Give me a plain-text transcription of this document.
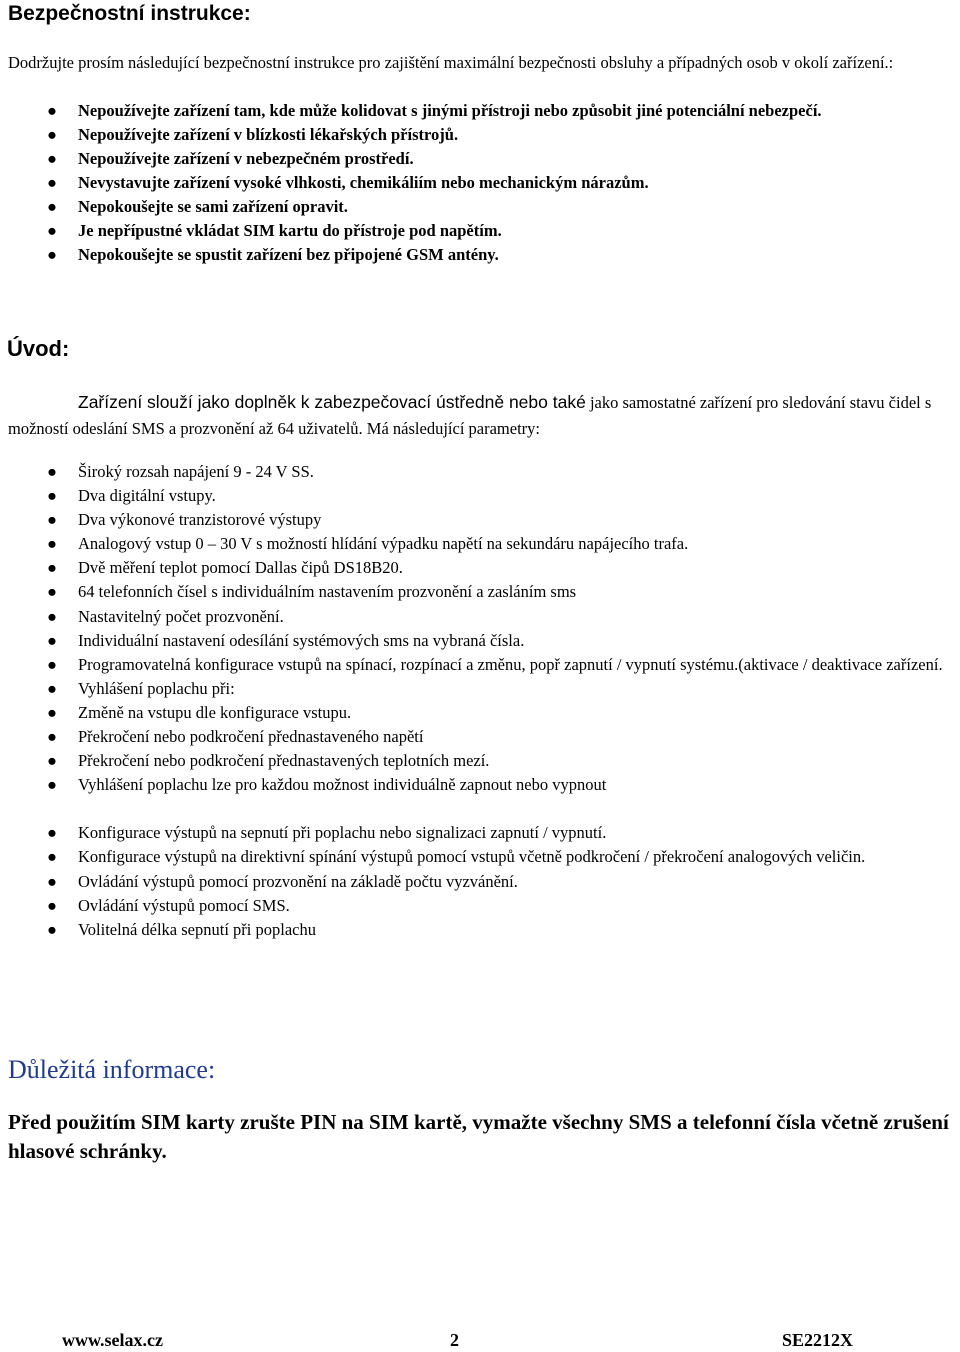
Bezpečnostní instrukce:

Dodržujte prosím následující bezpečnostní instrukce pro zajištění maximální bezpečnosti obsluhy a případných osob v okolí zařízení.:

●	Nepoužívejte zařízení tam, kde může kolidovat s jinými přístroji nebo způsobit jiné potenciální nebezpečí.
●	Nepoužívejte zařízení v blízkosti lékařských přístrojů.
●	Nepoužívejte zařízení v nebezpečném prostředí.
●	Nevystavujte zařízení vysoké vlhkosti, chemikáliím nebo mechanickým nárazům.
●	Nepokoušejte se sami zařízení opravit.
●	Je nepřípustné vkládat SIM kartu do přístroje pod napětím.
●	Nepokoušejte se spustit zařízení bez připojené GSM antény.
Úvod:

Zařízení slouží jako doplněk k zabezpečovací ústředně nebo také jako samostatné zařízení pro sledování stavu čidel s možností odeslání SMS a prozvonění až 64 uživatelů. Má následující parametry:

●	Široký rozsah napájení 9 - 24 V SS.
●	Dva digitální vstupy.
●	Dva výkonové tranzistorové výstupy
●	Analogový vstup 0 – 30 V s možností hlídání výpadku napětí na sekundáru napájecího trafa.
●	Dvě měření teplot pomocí Dallas čipů DS18B20.
●	64 telefonních čísel s individuálním nastavením prozvonění a zasláním sms
●	Nastavitelný počet prozvonění.
●	Individuální nastavení odesílání systémových sms na vybraná čísla.
●	Programovatelná konfigurace vstupů na spínací, rozpínací a změnu, popř zapnutí / vypnutí systému.(aktivace / deaktivace zařízení.
●	Vyhlášení poplachu při:
●	Změně na vstupu dle konfigurace vstupu.
●	Překročení nebo podkročení přednastaveného napětí
●	Překročení nebo podkročení přednastavených teplotních mezí.
●	Vyhlášení poplachu lze pro každou možnost individuálně zapnout nebo vypnout
●	Konfigurace výstupů na sepnutí při poplachu nebo signalizaci zapnutí / vypnutí.
●	Konfigurace výstupů na direktivní spínání výstupů pomocí vstupů včetně podkročení / překročení analogových veličin.
●	Ovládání výstupů pomocí prozvonění na základě počtu vyzvánění.
●	Ovládání výstupů pomocí SMS.
●	Volitelná délka sepnutí při poplachu
Důležitá informace:

Před použitím SIM karty zrušte PIN na SIM kartě, vymažte všechny SMS a telefonní čísla včetně zrušení hlasové schránky.

www.selax.cz	2	SE2212X
